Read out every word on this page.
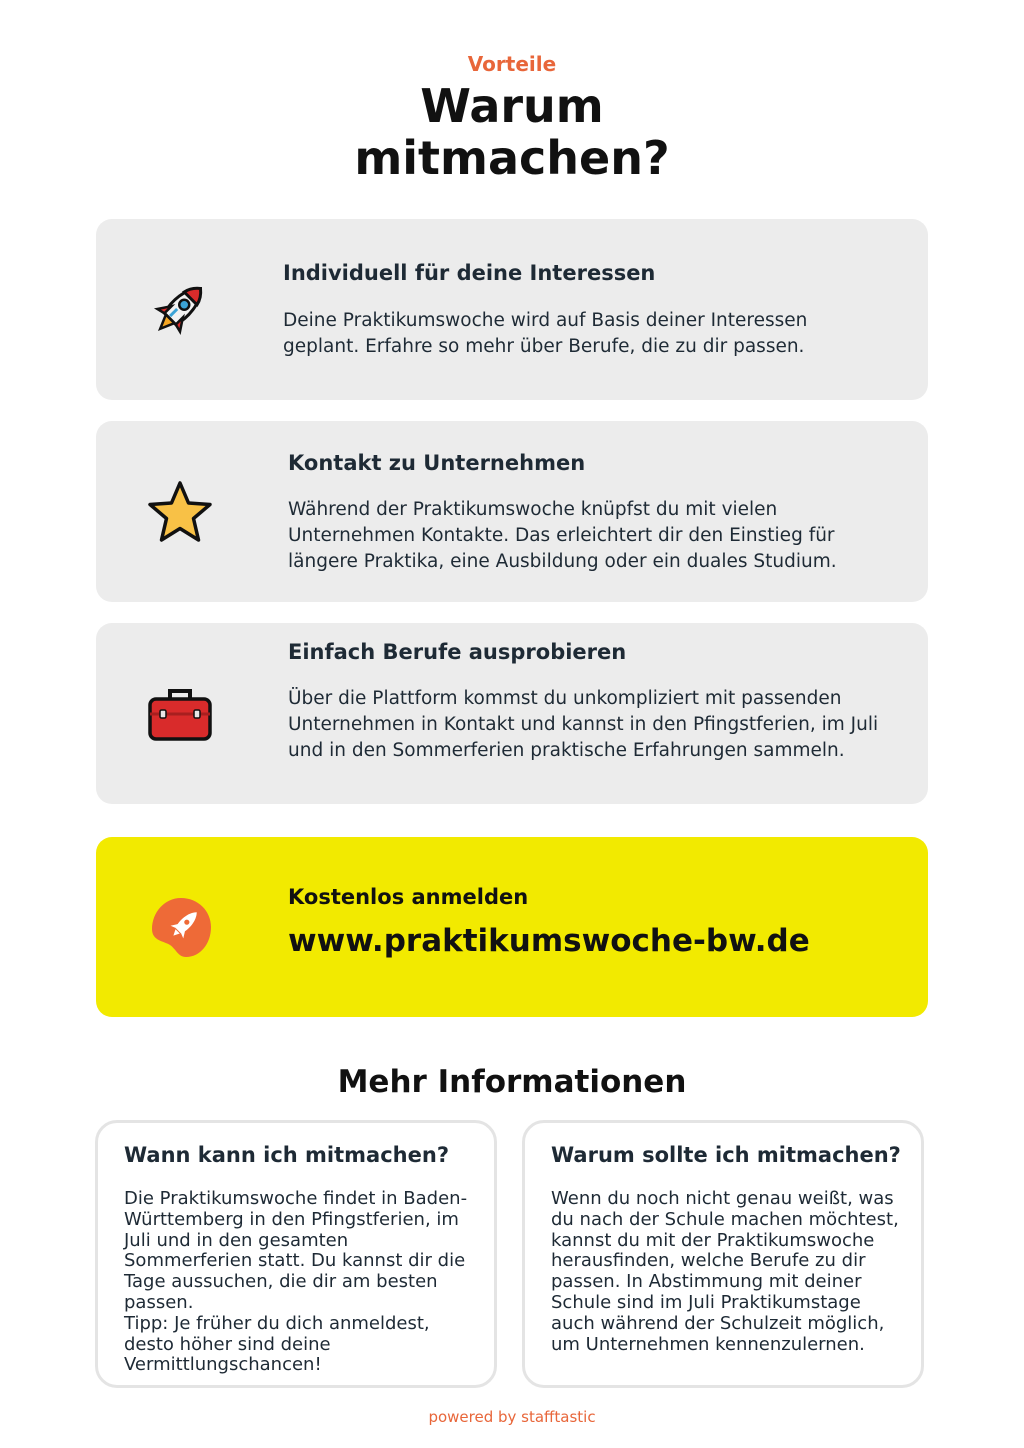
Vorteile
Warum
mitmachen?
Individuell für deine Interessen

Deine Praktikumswoche wird auf Basis deiner Interessen geplant. Erfahre so mehr über Berufe, die zu dir passen.

Kontakt zu Unternehmen

Während der Praktikumswoche knüpfst du mit vielen Unternehmen Kontakte. Das erleichtert dir den Einstieg für längere Praktika, eine Ausbildung oder ein duales Studium.

Einfach Berufe ausprobieren

Über die Plattform kommst du unkompliziert mit passenden Unternehmen in Kontakt und kannst in den Pfingstferien, im Juli und in den Sommerferien praktische Erfahrungen sammeln.

Kostenlos anmelden
www.praktikumswoche-bw.de
Mehr Informationen
Wann kann ich mitmachen?

Die Praktikumswoche findet in Baden-Württemberg in den Pfingstferien, im Juli und in den gesamten Sommerferien statt. Du kannst dir die Tage aussuchen, die dir am besten passen.
Tipp: Je früher du dich anmeldest, desto höher sind deine Vermittlungschancen!

Warum sollte ich mitmachen?

Wenn du noch nicht genau weißt, was du nach der Schule machen möchtest, kannst du mit der Praktikumswoche herausfinden, welche Berufe zu dir passen. In Abstimmung mit deiner Schule sind im Juli Praktikumstage auch während der Schulzeit möglich, um Unternehmen kennenzulernen.

powered by stafftastic
